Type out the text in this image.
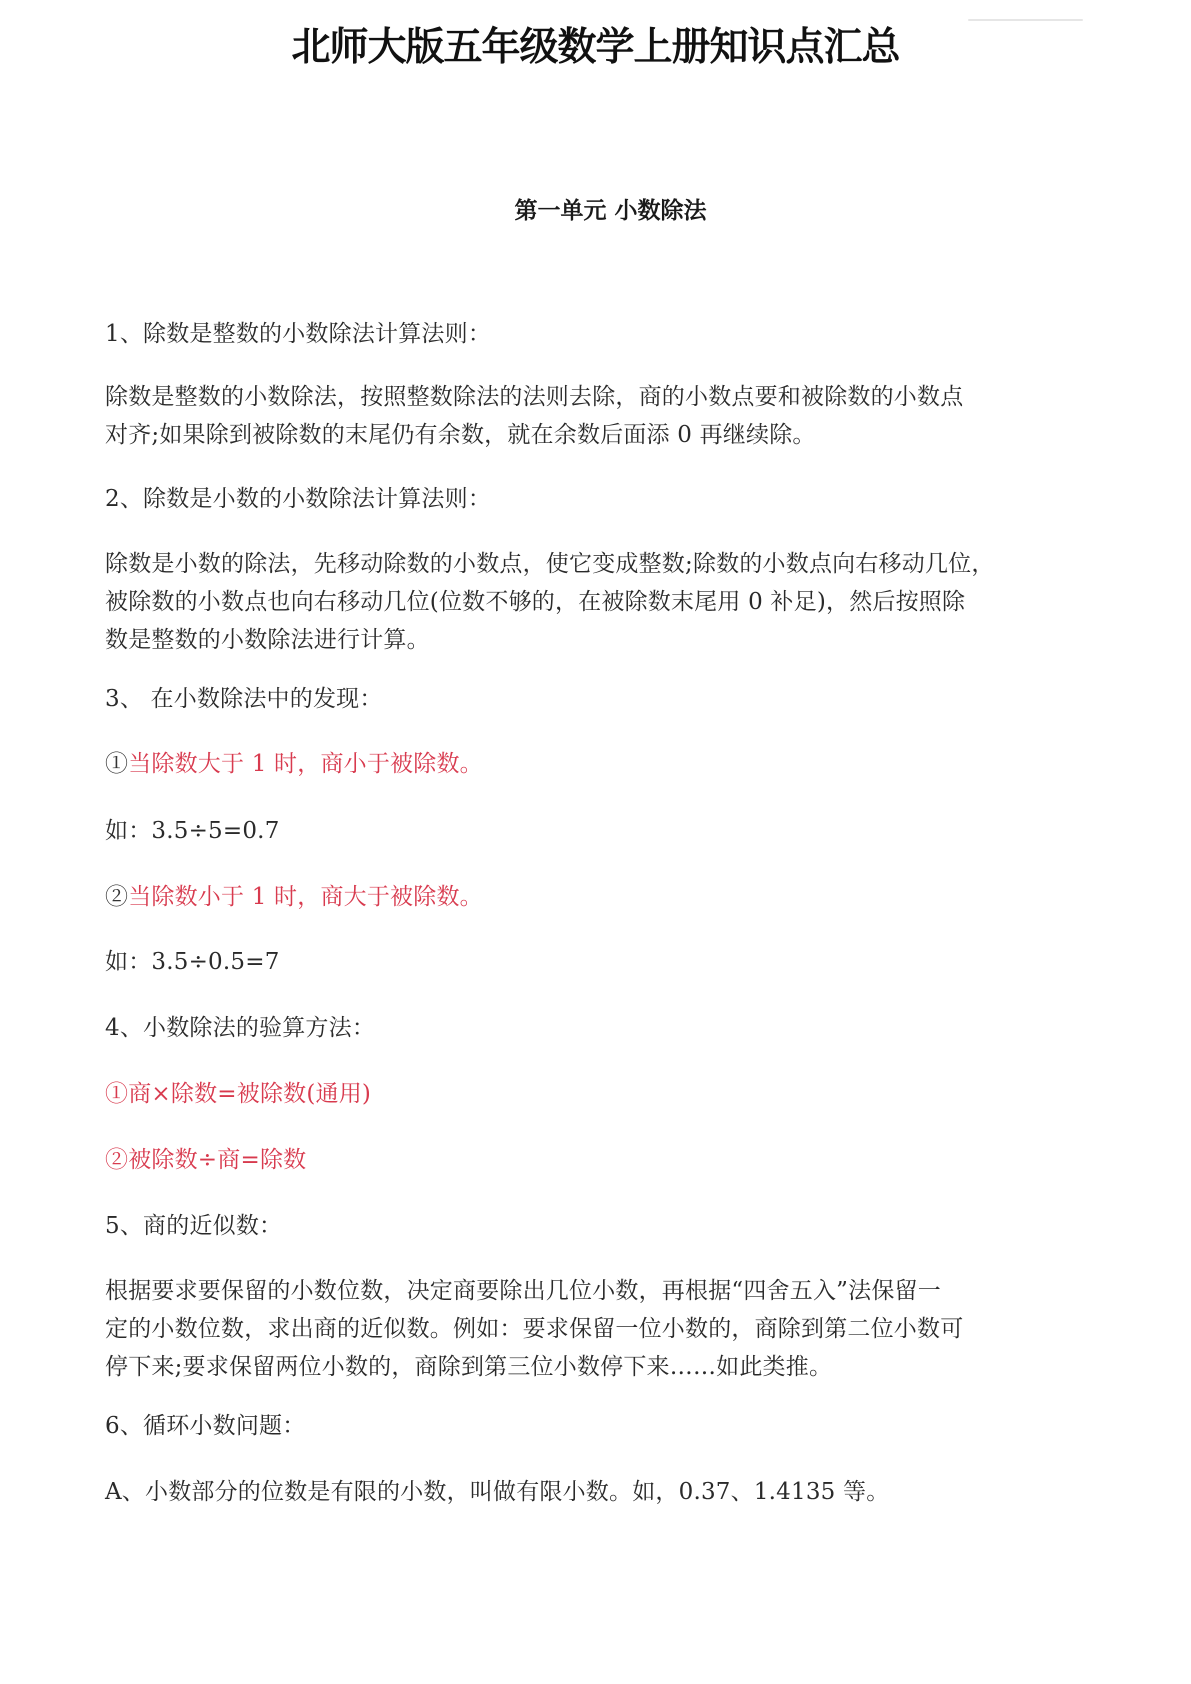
北师大版五年级数学上册知识点汇总
第一单元 小数除法
1、除数是整数的小数除法计算法则：
除数是整数的小数除法，按照整数除法的法则去除，商的小数点要和被除数的小数点
对齐;如果除到被除数的末尾仍有余数，就在余数后面添 0 再继续除。
2、除数是小数的小数除法计算法则：
除数是小数的除法，先移动除数的小数点，使它变成整数;除数的小数点向右移动几位，
被除数的小数点也向右移动几位(位数不够的，在被除数末尾用 0 补足)，然后按照除
数是整数的小数除法进行计算。
3、 在小数除法中的发现：
①当除数大于 1 时，商小于被除数。
如：3.5÷5=0.7
②当除数小于 1 时，商大于被除数。
如：3.5÷0.5=7
4、小数除法的验算方法：
①商×除数=被除数(通用)
②被除数÷商=除数
5、商的近似数：
根据要求要保留的小数位数，决定商要除出几位小数，再根据“四舍五入”法保留一
定的小数位数，求出商的近似数。例如：要求保留一位小数的，商除到第二位小数可
停下来;要求保留两位小数的，商除到第三位小数停下来……如此类推。
6、循环小数问题：
A、小数部分的位数是有限的小数，叫做有限小数。如，0.37、1.4135 等。
